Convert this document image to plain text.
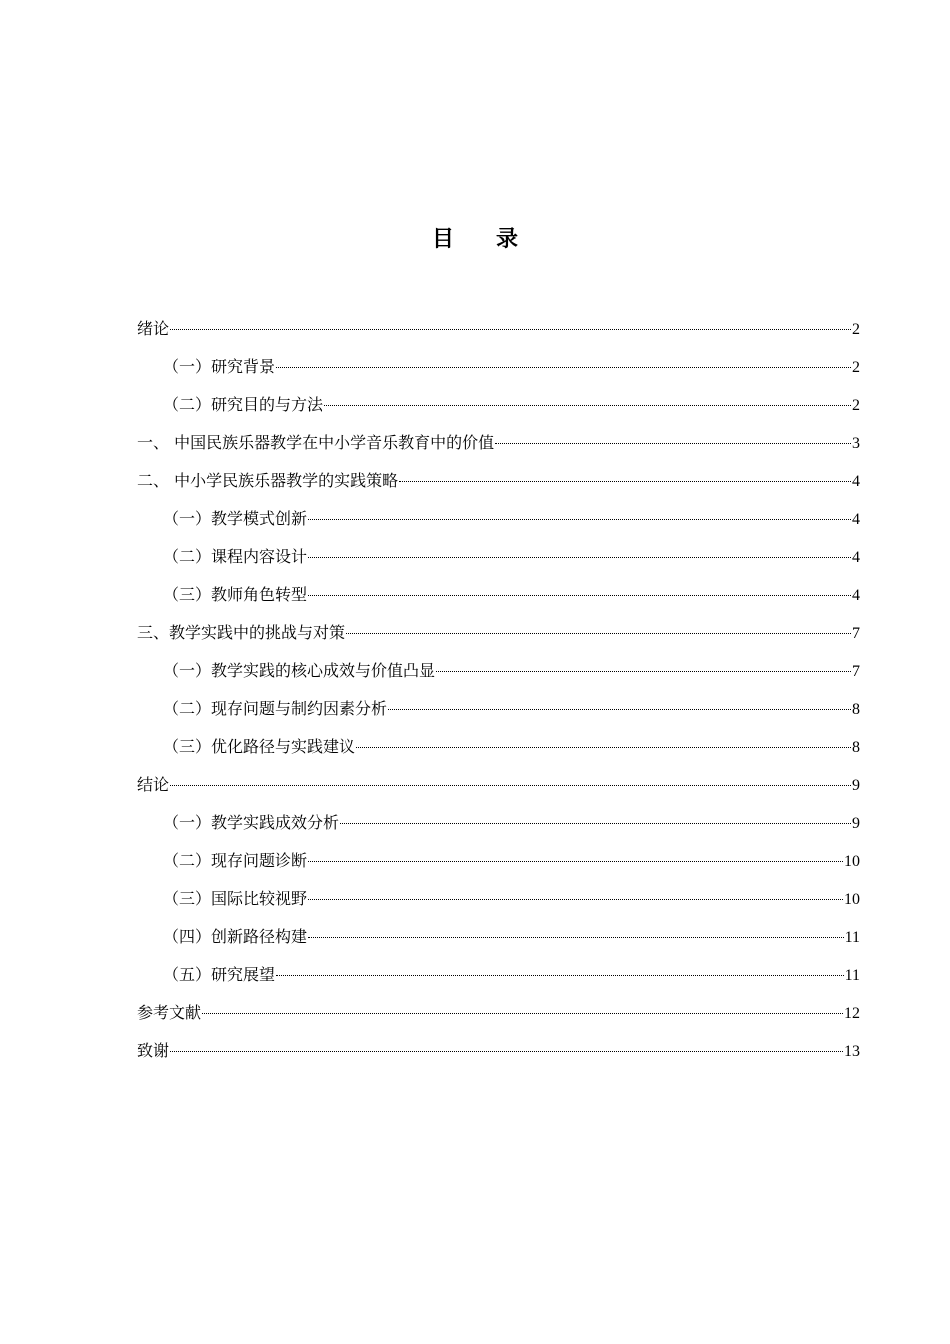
目录
绪论	2
（一）研究背景	2
（二）研究目的与方法	2
一、 中国民族乐器教学在中小学音乐教育中的价值	3
二、 中小学民族乐器教学的实践策略	4
（一）教学模式创新	4
（二）课程内容设计	4
（三）教师角色转型	4
三、教学实践中的挑战与对策	7
（一）教学实践的核心成效与价值凸显	7
（二）现存问题与制约因素分析	8
（三）优化路径与实践建议	8
结论	9
（一）教学实践成效分析	9
（二）现存问题诊断	10
（三）国际比较视野	10
（四）创新路径构建	11
（五）研究展望	11
参考文献	12
致谢	13
